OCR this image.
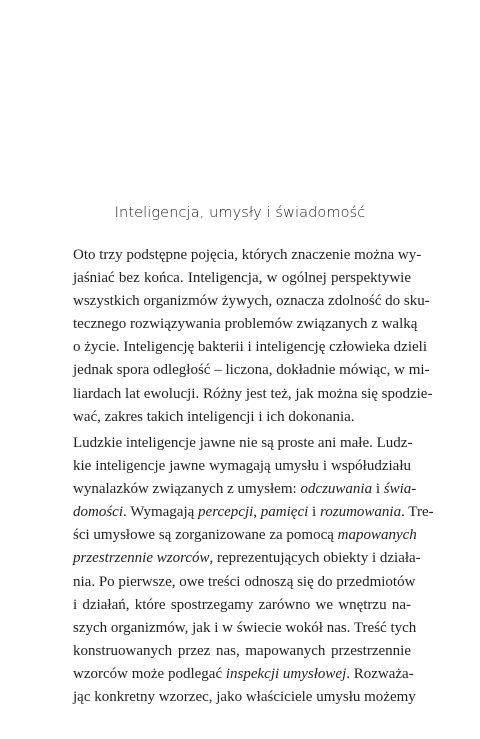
Inteligencja, umysły i świadomość
Oto trzy podstępne pojęcia, których znaczenie można wy-
jaśniać bez końca. Inteligencja, w ogólnej perspektywie
wszystkich organizmów żywych, oznacza zdolność do sku-
tecznego rozwiązywania problemów związanych z walką
o życie. Inteligencję bakterii i inteligencję człowieka dzieli
jednak spora odległość – liczona, dokładnie mówiąc, w mi-
liardach lat ewolucji. Różny jest też, jak można się spodzie-
wać, zakres takich inteligencji i ich dokonania.
Ludzkie inteligencje jawne nie są proste ani małe. Ludz-
kie inteligencje jawne wymagają umysłu i współudziału
wynalazków związanych z umysłem: odczuwania i świa-
domości. Wymagają percepcji, pamięci i rozumowania. Tre-
ści umysłowe są zorganizowane za pomocą mapowanych
przestrzennie wzorców, reprezentujących obiekty i działa-
nia. Po pierwsze, owe treści odnoszą się do przedmiotów
i działań, które spostrzegamy zarówno we wnętrzu na-
szych organizmów, jak i w świecie wokół nas. Treść tych
konstruowanych przez nas, mapowanych przestrzennie
wzorców może podlegać inspekcji umysłowej. Rozważa-
jąc konkretny wzorzec, jako właściciele umysłu możemy
